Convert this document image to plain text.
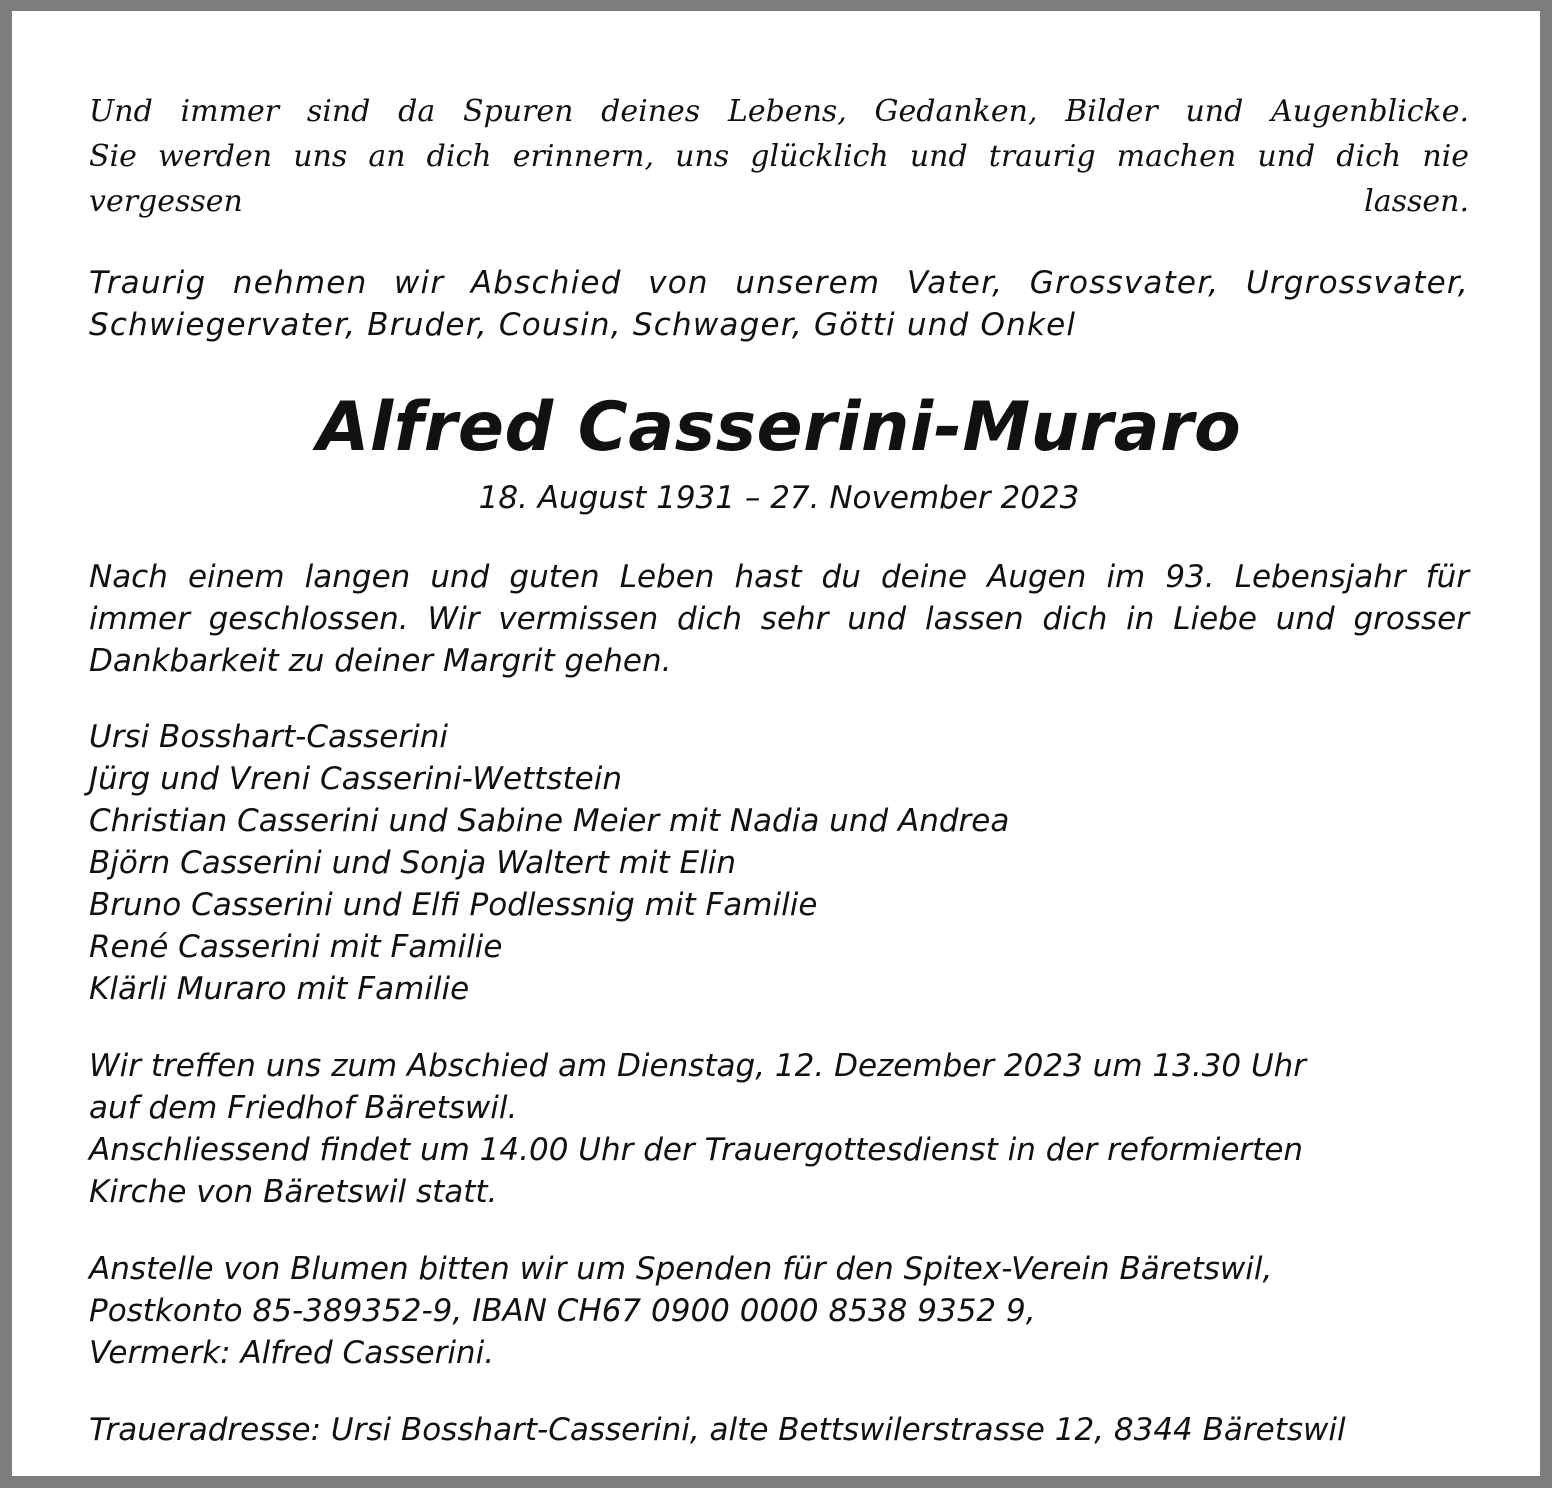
Und immer sind da Spuren deines Lebens, Gedanken, Bilder und Augenblicke.
Sie werden uns an dich erinnern, uns glücklich und traurig machen und dich nie vergessen lassen.

Traurig nehmen wir Abschied von unserem Vater, Grossvater, Urgrossvater,
Schwiegervater, Bruder, Cousin, Schwager, Götti und Onkel

Alfred Casserini-Muraro
18. August 1931 – 27. November 2023

Nach einem langen und guten Leben hast du deine Augen im 93. Lebensjahr für
immer geschlossen. Wir vermissen dich sehr und lassen dich in Liebe und grosser
Dankbarkeit zu deiner Margrit gehen.

Ursi Bosshart-Casserini
Jürg und Vreni Casserini-Wettstein
Christian Casserini und Sabine Meier mit Nadia und Andrea
Björn Casserini und Sonja Waltert mit Elin
Bruno Casserini und Elfi Podlessnig mit Familie
René Casserini mit Familie
Klärli Muraro mit Familie

Wir treffen uns zum Abschied am Dienstag, 12. Dezember 2023 um 13.30 Uhr
auf dem Friedhof Bäretswil.
Anschliessend findet um 14.00 Uhr der Trauergottesdienst in der reformierten
Kirche von Bäretswil statt.

Anstelle von Blumen bitten wir um Spenden für den Spitex-Verein Bäretswil,
Postkonto 85-389352-9, IBAN CH67 0900 0000 8538 9352 9,
Vermerk: Alfred Casserini.

Traueradresse: Ursi Bosshart-Casserini, alte Bettswilerstrasse 12, 8344 Bäretswil
